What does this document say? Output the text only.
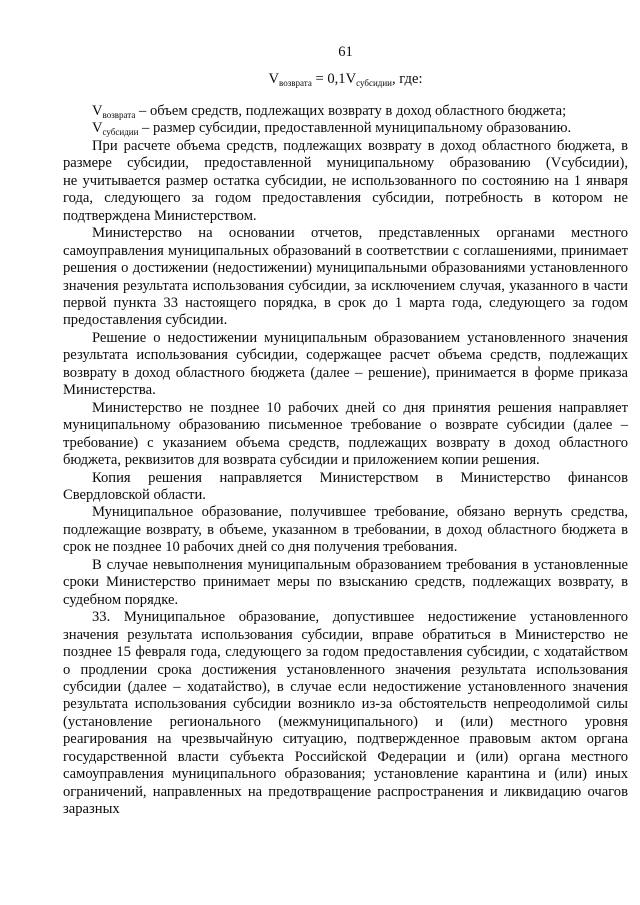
61
$V_{возврата} = 0,1V_{субсидии}$, где:

$V_{возврата}$ – объем средств, подлежащих возврату в доход областного бюджета;

$V_{субсидии}$ – размер субсидии, предоставленной муниципальному образованию.

При расчете объема средств, подлежащих возврату в доход областного бюджета, в размере субсидии, предоставленной муниципальному образованию (Vсубсидии), не учитывается размер остатка субсидии, не использованного по состоянию на 1 января года, следующего за годом предоставления субсидии, потребность в котором не подтверждена Министерством.

Министерство на основании отчетов, представленных органами местного самоуправления муниципальных образований в соответствии с соглашениями, принимает решения о достижении (недостижении) муниципальными образованиями установленного значения результата использования субсидии, за исключением случая, указанного в части первой пункта 33 настоящего порядка, в срок до 1 марта года, следующего за годом предоставления субсидии.

Решение о недостижении муниципальным образованием установленного значения результата использования субсидии, содержащее расчет объема средств, подлежащих возврату в доход областного бюджета (далее – решение), принимается в форме приказа Министерства.

Министерство не позднее 10 рабочих дней со дня принятия решения направляет муниципальному образованию письменное требование о возврате субсидии (далее – требование) с указанием объема средств, подлежащих возврату в доход областного бюджета, реквизитов для возврата субсидии и приложением копии решения.

Копия решения направляется Министерством в Министерство финансов Свердловской области.

Муниципальное образование, получившее требование, обязано вернуть средства, подлежащие возврату, в объеме, указанном в требовании, в доход областного бюджета в срок не позднее 10 рабочих дней со дня получения требования.

В случае невыполнения муниципальным образованием требования в установленные сроки Министерство принимает меры по взысканию средств, подлежащих возврату, в судебном порядке.

33. Муниципальное образование, допустившее недостижение установленного значения результата использования субсидии, вправе обратиться в Министерство не позднее 15 февраля года, следующего за годом предоставления субсидии, с ходатайством о продлении срока достижения установленного значения результата использования субсидии (далее – ходатайство), в случае если недостижение установленного значения результата использования субсидии возникло из-за обстоятельств непреодолимой силы (установление регионального (межмуниципального) и (или) местного уровня реагирования на чрезвычайную ситуацию, подтвержденное правовым актом органа государственной власти субъекта Российской Федерации и (или) органа местного самоуправления муниципального образования; установление карантина и (или) иных ограничений, направленных на предотвращение распространения и ликвидацию очагов заразных
